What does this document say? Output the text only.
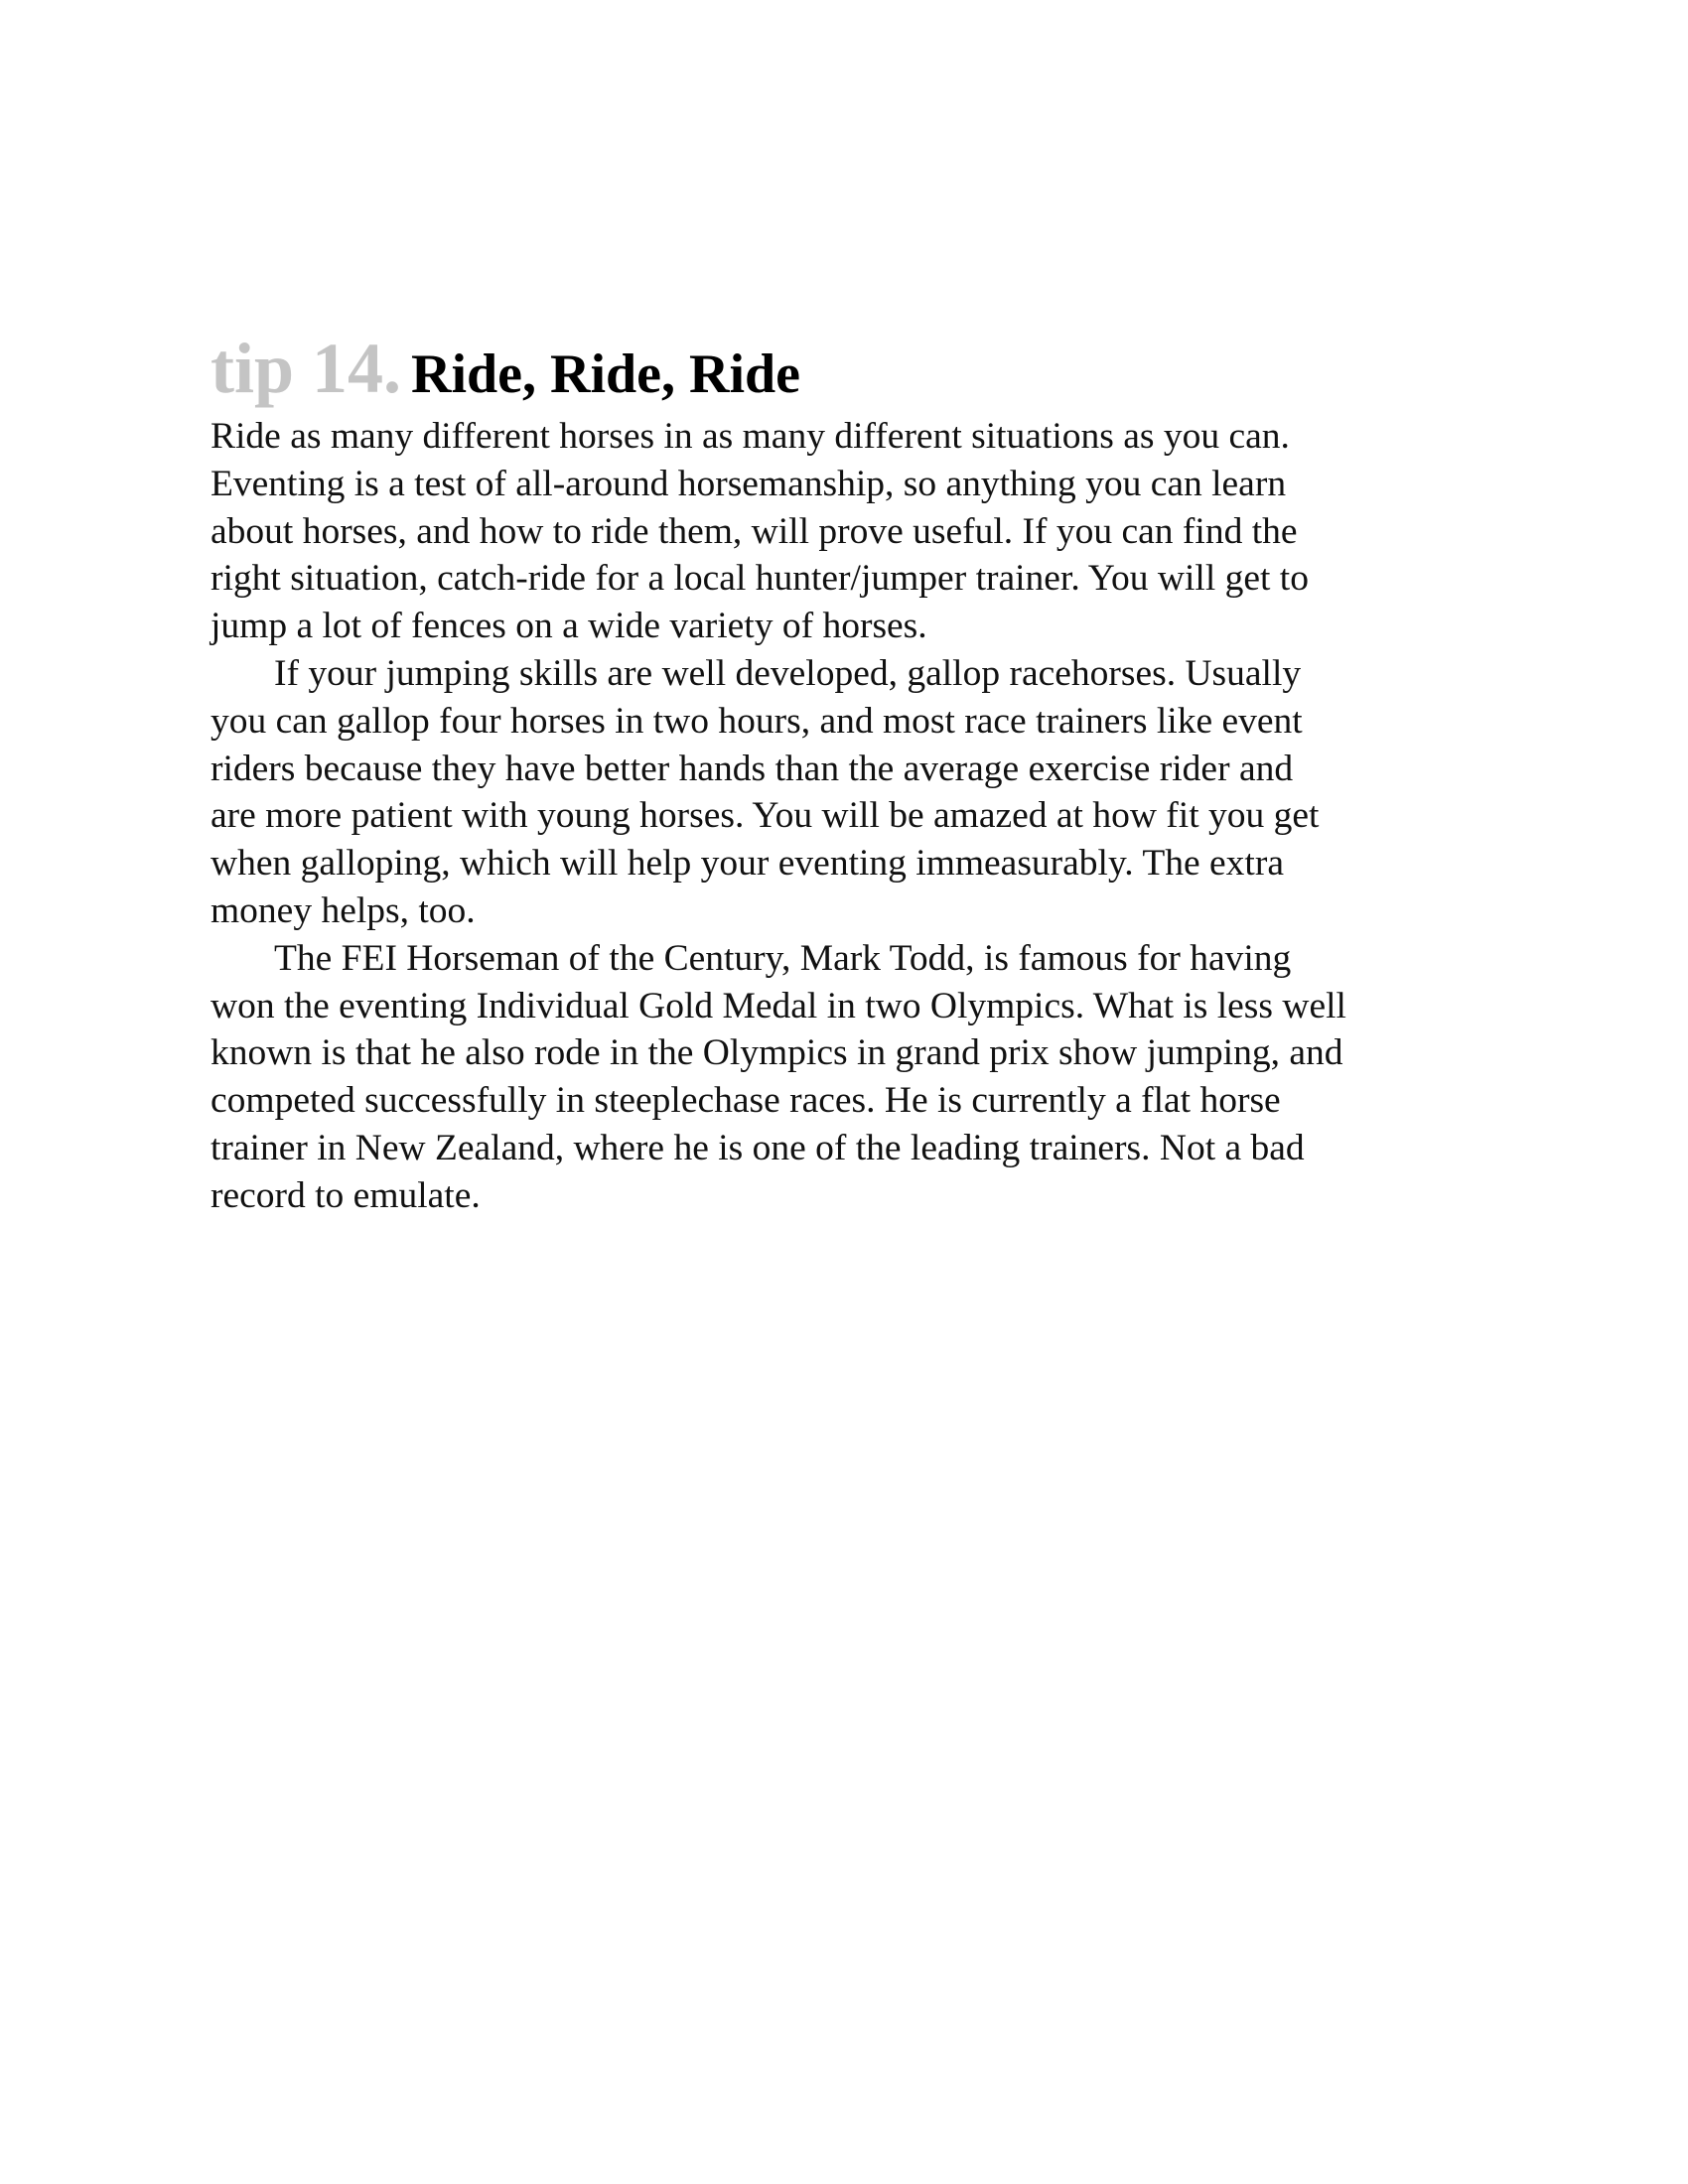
tip 14. Ride, Ride, Ride

Ride as many different horses in as many different situations as you can.
Eventing is a test of all-around horsemanship, so anything you can learn
about horses, and how to ride them, will prove useful. If you can find the
right situation, catch-ride for a local hunter/jumper trainer. You will get to
jump a lot of fences on a wide variety of horses.

If your jumping skills are well developed, gallop racehorses. Usually
you can gallop four horses in two hours, and most race trainers like event
riders because they have better hands than the average exercise rider and
are more patient with young horses. You will be amazed at how fit you get
when galloping, which will help your eventing immeasurably. The extra
money helps, too.

The FEI Horseman of the Century, Mark Todd, is famous for having
won the eventing Individual Gold Medal in two Olympics. What is less well
known is that he also rode in the Olympics in grand prix show jumping, and
competed successfully in steeplechase races. He is currently a flat horse
trainer in New Zealand, where he is one of the leading trainers. Not a bad
record to emulate.
